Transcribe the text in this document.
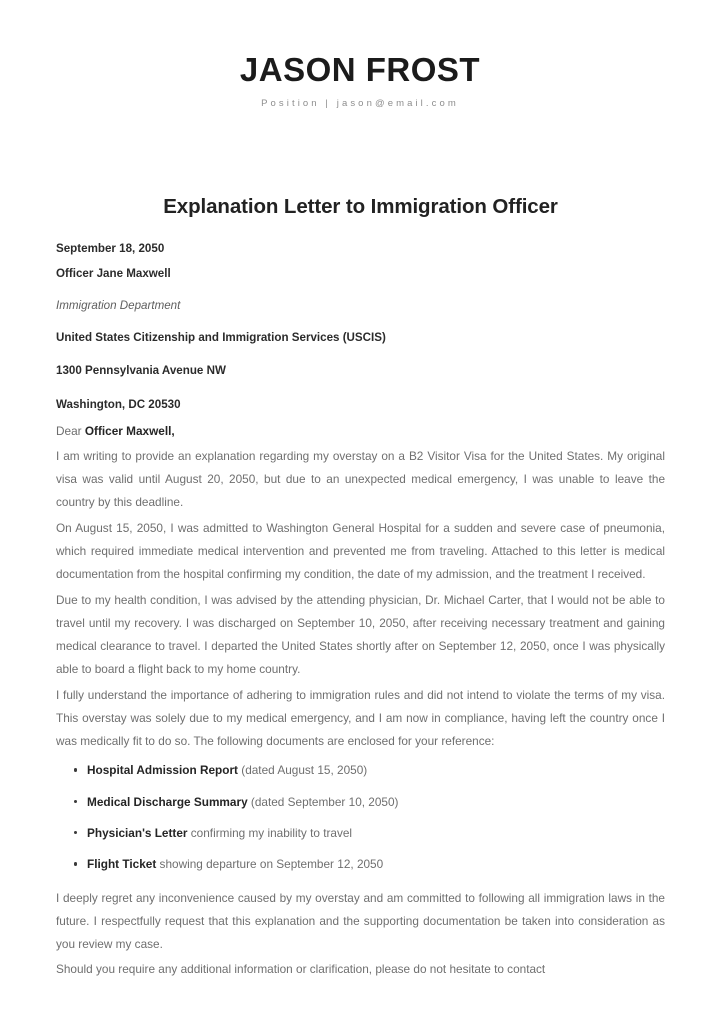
JASON FROST

Position | jason@email.com

Explanation Letter to Immigration Officer

September 18, 2050

Officer Jane Maxwell

Immigration Department

United States Citizenship and Immigration Services (USCIS)

1300 Pennsylvania Avenue NW

Washington, DC 20530

Dear Officer Maxwell,

I am writing to provide an explanation regarding my overstay on a B2 Visitor Visa for the United States. My original visa was valid until August 20, 2050, but due to an unexpected medical emergency, I was unable to leave the country by this deadline.

On August 15, 2050, I was admitted to Washington General Hospital for a sudden and severe case of pneumonia, which required immediate medical intervention and prevented me from traveling. Attached to this letter is medical documentation from the hospital confirming my condition, the date of my admission, and the treatment I received.

Due to my health condition, I was advised by the attending physician, Dr. Michael Carter, that I would not be able to travel until my recovery. I was discharged on September 10, 2050, after receiving necessary treatment and gaining medical clearance to travel. I departed the United States shortly after on September 12, 2050, once I was physically able to board a flight back to my home country.

I fully understand the importance of adhering to immigration rules and did not intend to violate the terms of my visa. This overstay was solely due to my medical emergency, and I am now in compliance, having left the country once I was medically fit to do so. The following documents are enclosed for your reference:

Hospital Admission Report (dated August 15, 2050)
Medical Discharge Summary (dated September 10, 2050)
Physician's Letter confirming my inability to travel
Flight Ticket showing departure on September 12, 2050

I deeply regret any inconvenience caused by my overstay and am committed to following all immigration laws in the future. I respectfully request that this explanation and the supporting documentation be taken into consideration as you review my case.

Should you require any additional information or clarification, please do not hesitate to contact
